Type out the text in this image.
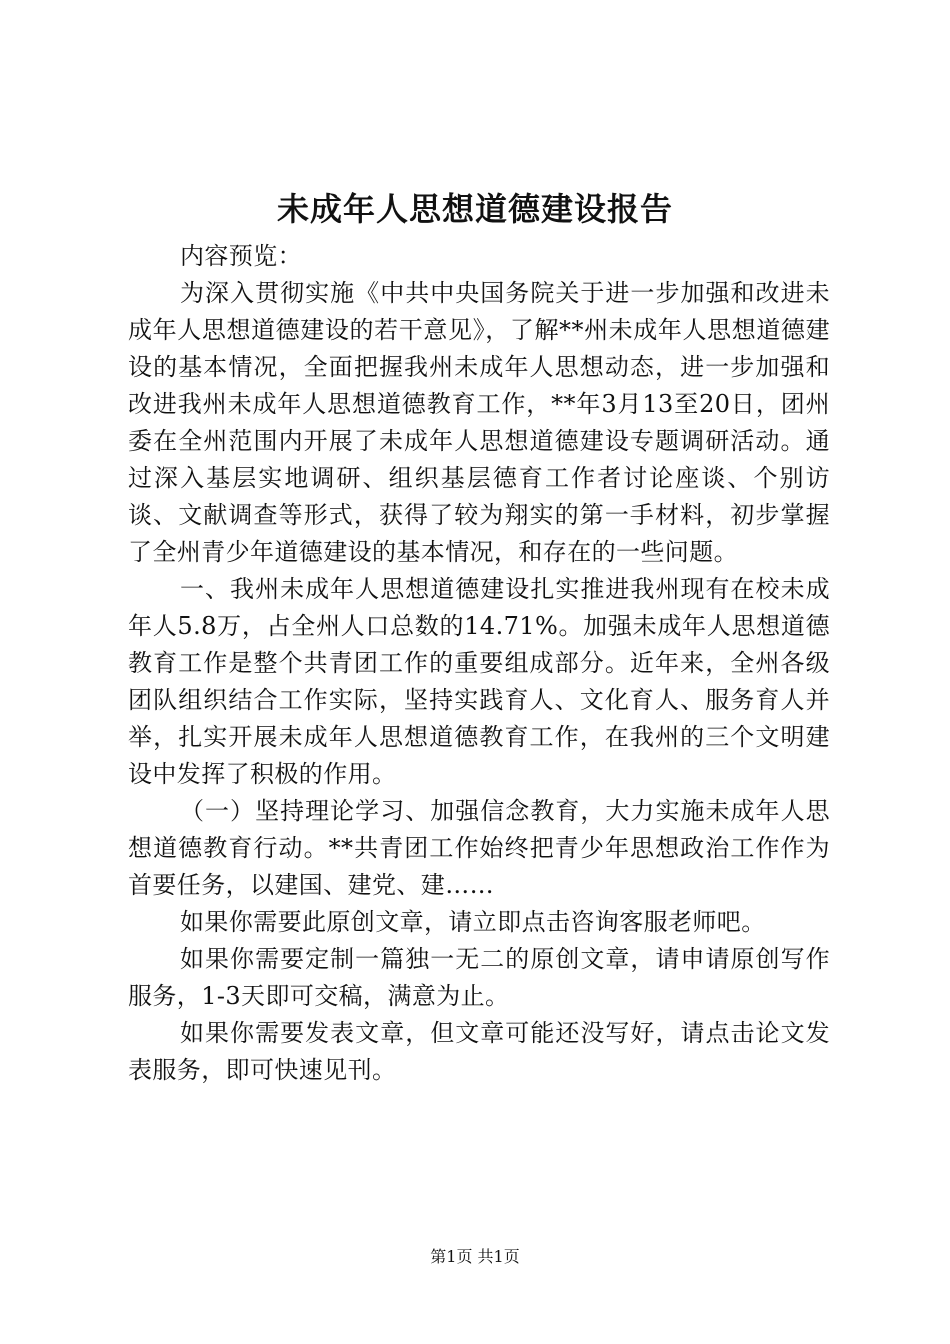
未成年人思想道德建设报告

内容预览：

为深入贯彻实施《中共中央国务院关于进一步加强和改进未成年人思想道德建设的若干意见》，了解**州未成年人思想道德建设的基本情况，全面把握我州未成年人思想动态，进一步加强和改进我州未成年人思想道德教育工作，**年3月13至20日，团州委在全州范围内开展了未成年人思想道德建设专题调研活动。通过深入基层实地调研、组织基层德育工作者讨论座谈、个别访谈、文献调查等形式，获得了较为翔实的第一手材料，初步掌握了全州青少年道德建设的基本情况，和存在的一些问题。

一、我州未成年人思想道德建设扎实推进我州现有在校未成年人5.8万，占全州人口总数的14.71%。加强未成年人思想道德教育工作是整个共青团工作的重要组成部分。近年来，全州各级团队组织结合工作实际，坚持实践育人、文化育人、服务育人并举，扎实开展未成年人思想道德教育工作，在我州的三个文明建设中发挥了积极的作用。

（一）坚持理论学习、加强信念教育，大力实施未成年人思想道德教育行动。**共青团工作始终把青少年思想政治工作作为首要任务，以建国、建党、建……

如果你需要此原创文章，请立即点击咨询客服老师吧。

如果你需要定制一篇独一无二的原创文章，请申请原创写作服务，1-3天即可交稿，满意为止。

如果你需要发表文章，但文章可能还没写好，请点击论文发表服务，即可快速见刊。

第1页 共1页
